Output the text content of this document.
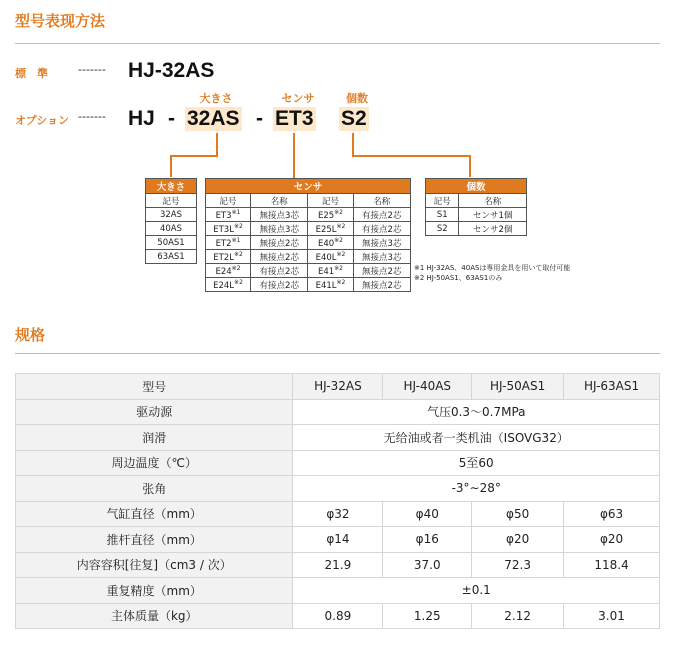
型号表现方法
標　準	------- HJ-32AS
オプション ------- HJ -
大きさ
32AS -
センサ
ET3
個数
S2
大きさ
記号
32AS
40AS
50AS1
63AS1
センサ			
記号	名称	記号	名称
ET3$^{※1}$	無接点3芯	E25$^{※2}$	有接点2芯
$ET3L^{※2}$	無接点3芯	$E25L^{※2}$	有接点2芯
ET2$^{※1}$	無接点2芯	E40$^{※2}$	無接点3芯
$ET2L^{※2}$	無接点2芯	$E40L^{※2}$	無接点3芯
E24$^{※2}$	有接点2芯	E41$^{※2}$	無接点2芯
$E24L^{※2}$	有接点2芯	$E41L^{※2}$	無接点2芯
個数	
記号	名称
S1	センサ1個
S2	センサ2個
※1 HJ-32AS、40ASは専用金具を用いて取付可能
※2 HJ-50AS1、63AS1のみ
规格
型号	HJ-32AS	HJ-40AS	HJ-50AS1	HJ-63AS1
驱动源	气压0.3～0.7MPa			
润滑	无给油或者一类机油（ISOVG32）			
周边温度（℃）	5至60			
张角	-3°∼28°			
气缸直径（mm）	φ32	φ40	φ50	φ63
推杆直径（mm）	φ14	φ16	φ20	φ20
内容容积[往复]（cm3 / 次）	21.9	37.0	72.3	118.4
重复精度（mm）	±0.1			
主体质量（kg）	0.89	1.25	2.12	3.01
